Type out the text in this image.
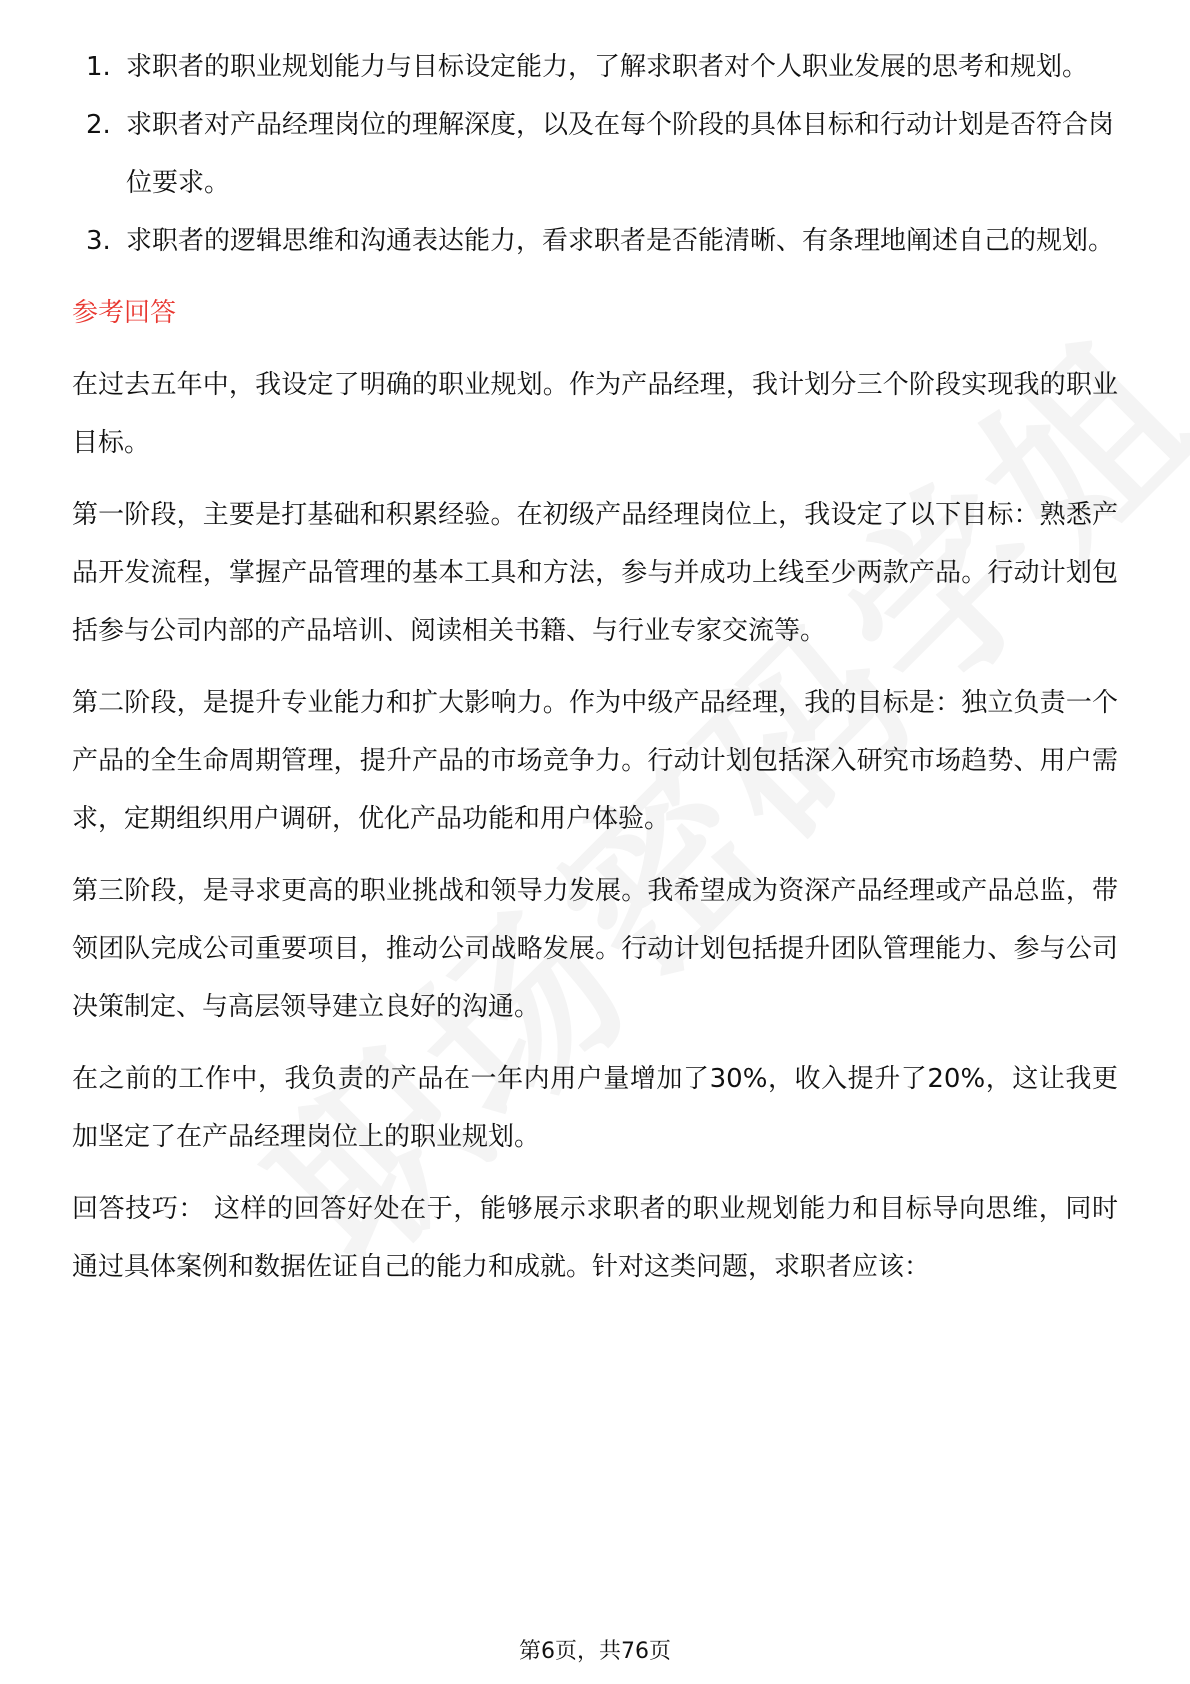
1. 求职者的职业规划能力与目标设定能力，了解求职者对个人职业发展的思考和规划。
2. 求职者对产品经理岗位的理解深度，以及在每个阶段的具体目标和行动计划是否符合岗位要求。
3. 求职者的逻辑思维和沟通表达能力，看求职者是否能清晰、有条理地阐述自己的规划。
参考回答

在过去五年中，我设定了明确的职业规划。作为产品经理，我计划分三个阶段实现我的职业目标。

第一阶段，主要是打基础和积累经验。在初级产品经理岗位上，我设定了以下目标：熟悉产品开发流程，掌握产品管理的基本工具和方法，参与并成功上线至少两款产品。行动计划包括参与公司内部的产品培训、阅读相关书籍、与行业专家交流等。

第二阶段，是提升专业能力和扩大影响力。作为中级产品经理，我的目标是：独立负责一个产品的全生命周期管理，提升产品的市场竞争力。行动计划包括深入研究市场趋势、用户需求，定期组织用户调研，优化产品功能和用户体验。

第三阶段，是寻求更高的职业挑战和领导力发展。我希望成为资深产品经理或产品总监，带领团队完成公司重要项目，推动公司战略发展。行动计划包括提升团队管理能力、参与公司决策制定、与高层领导建立良好的沟通。

在之前的工作中，我负责的产品在一年内用户量增加了30%，收入提升了20%，这让我更加坚定了在产品经理岗位上的职业规划。

回答技巧： 这样的回答好处在于，能够展示求职者的职业规划能力和目标导向思维，同时通过具体案例和数据佐证自己的能力和成就。针对这类问题，求职者应该：

第6页，共76页
